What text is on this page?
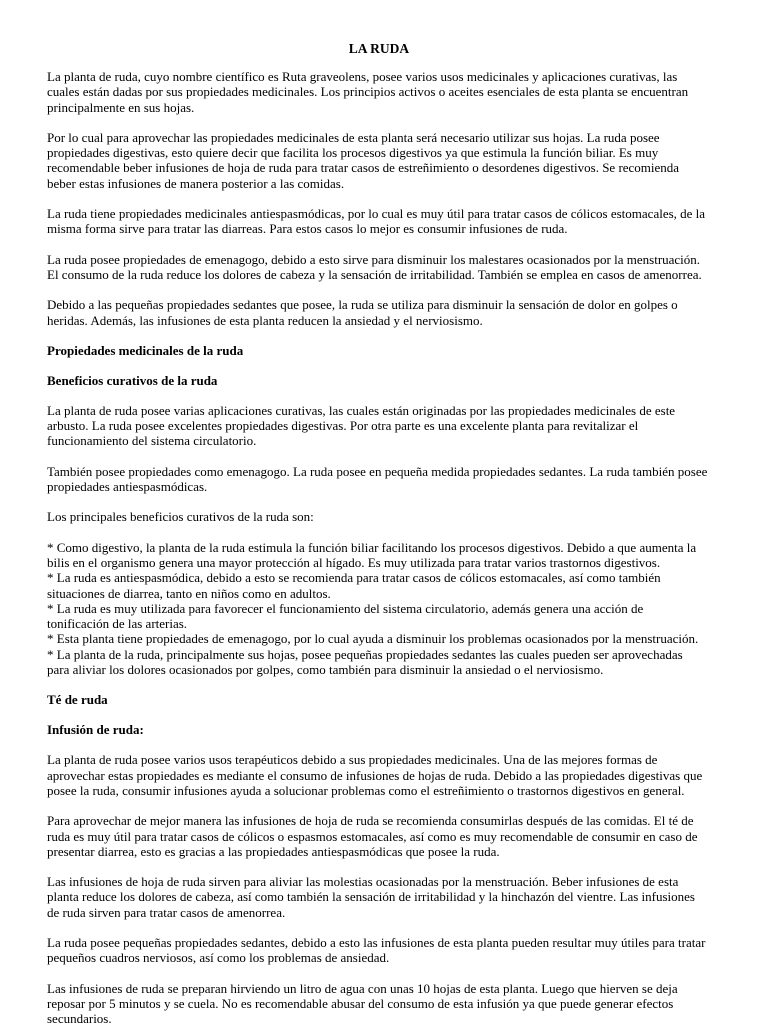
LA RUDA

La planta de ruda, cuyo nombre científico es Ruta graveolens, posee varios usos medicinales y aplicaciones curativas, las cuales están dadas por sus propiedades medicinales. Los principios activos o aceites esenciales de esta planta se encuentran principalmente en sus hojas.

Por lo cual para aprovechar las propiedades medicinales de esta planta será necesario utilizar sus hojas. La ruda posee propiedades digestivas, esto quiere decir que facilita los procesos digestivos ya que estimula la función biliar. Es muy recomendable beber infusiones de hoja de ruda para tratar casos de estreñimiento o desordenes digestivos. Se recomienda beber estas infusiones de manera posterior a las comidas.

La ruda tiene propiedades medicinales antiespasmódicas, por lo cual es muy útil para tratar casos de cólicos estomacales, de la misma forma sirve para tratar las diarreas. Para estos casos lo mejor es consumir infusiones de ruda.

La ruda posee propiedades de emenagogo, debido a esto sirve para disminuir los malestares ocasionados por la menstruación. El consumo de la ruda reduce los dolores de cabeza y la sensación de irritabilidad. También se emplea en casos de amenorrea.

Debido a las pequeñas propiedades sedantes que posee, la ruda se utiliza para disminuir la sensación de dolor en golpes o heridas. Además, las infusiones de esta planta reducen la ansiedad y el nerviosismo.

Propiedades medicinales de la ruda
Beneficios curativos de la ruda

La planta de ruda posee varias aplicaciones curativas, las cuales están originadas por las propiedades medicinales de este arbusto. La ruda posee excelentes propiedades digestivas. Por otra parte es una excelente planta para revitalizar el funcionamiento del sistema circulatorio.

También posee propiedades como emenagogo. La ruda posee en pequeña medida propiedades sedantes. La ruda también posee propiedades antiespasmódicas.

Los principales beneficios curativos de la ruda son:

* Como digestivo, la planta de la ruda estimula la función biliar facilitando los procesos digestivos. Debido a que aumenta la bilis en el organismo genera una mayor protección al hígado. Es muy utilizada para tratar varios trastornos digestivos.
* La ruda es antiespasmódica, debido a esto se recomienda para tratar casos de cólicos estomacales, así como también situaciones de diarrea, tanto en niños como en adultos.
* La ruda es muy utilizada para favorecer el funcionamiento del sistema circulatorio, además genera una acción de tonificación de las arterias.
* Esta planta tiene propiedades de emenagogo, por lo cual ayuda a disminuir los problemas ocasionados por la menstruación.
* La planta de la ruda, principalmente sus hojas, posee pequeñas propiedades sedantes las cuales pueden ser aprovechadas para aliviar los dolores ocasionados por golpes, como también para disminuir la ansiedad o el nerviosismo.
Té de ruda
Infusión de ruda:

La planta de ruda posee varios usos terapéuticos debido a sus propiedades medicinales. Una de las mejores formas de aprovechar estas propiedades es mediante el consumo de infusiones de hojas de ruda. Debido a las propiedades digestivas que posee la ruda, consumir infusiones ayuda a solucionar problemas como el estreñimiento o trastornos digestivos en general.

Para aprovechar de mejor manera las infusiones de hoja de ruda se recomienda consumirlas después de las comidas. El té de ruda es muy útil para tratar casos de cólicos o espasmos estomacales, así como es muy recomendable de consumir en caso de presentar diarrea, esto es gracias a las propiedades antiespasmódicas que posee la ruda.

Las infusiones de hoja de ruda sirven para aliviar las molestias ocasionadas por la menstruación. Beber infusiones de esta planta reduce los dolores de cabeza, así como también la sensación de irritabilidad y la hinchazón del vientre. Las infusiones de ruda sirven para tratar casos de amenorrea.

La ruda posee pequeñas propiedades sedantes, debido a esto las infusiones de esta planta pueden resultar muy útiles para tratar pequeños cuadros nerviosos, así como los problemas de ansiedad.

Las infusiones de ruda se preparan hirviendo un litro de agua con unas 10 hojas de esta planta. Luego que hierven se deja reposar por 5 minutos y se cuela. No es recomendable abusar del consumo de esta infusión ya que puede generar efectos secundarios.
